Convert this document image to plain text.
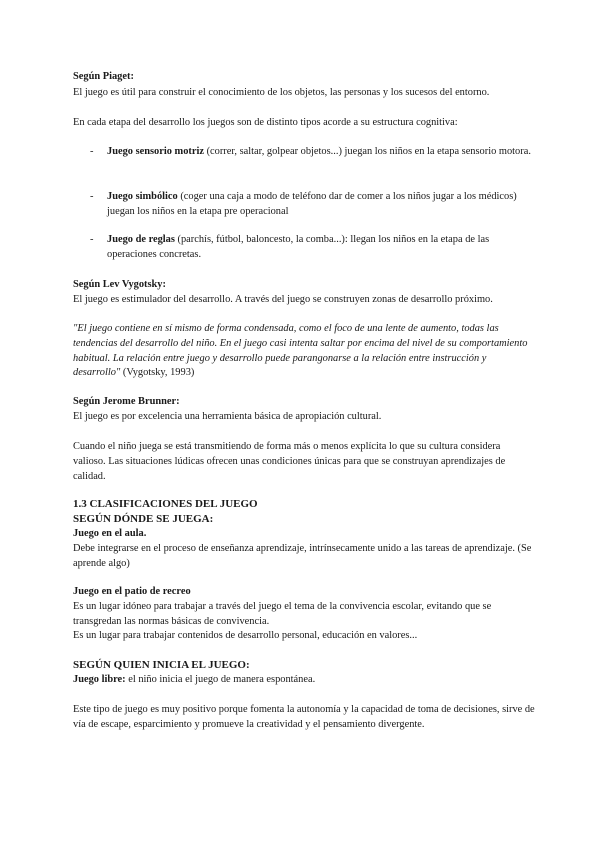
Según Piaget:

El juego es útil para construir el conocimiento de los objetos, las personas y los sucesos del entorno.

En cada etapa del desarrollo los juegos son de distinto tipos acorde a su estructura cognitiva:

- Juego sensorio motriz (correr, saltar, golpear objetos...) juegan los niños en la etapa sensorio motora.

- Juego simbólico (coger una caja a modo de teléfono dar de comer a los niños jugar a los médicos) juegan los niños en la etapa pre operacional

- Juego de reglas (parchís, fútbol, baloncesto, la comba...): llegan los niños en la etapa de las operaciones concretas.

Según Lev Vygotsky:

El juego es estimulador del desarrollo. A través del juego se construyen zonas de desarrollo próximo.

"El juego contiene en sí mismo de forma condensada, como el foco de una lente de aumento, todas las tendencias del desarrollo del niño. En el juego casi intenta saltar por encima del nivel de su comportamiento habitual. La relación entre juego y desarrollo puede parangonarse a la relación entre instrucción y desarrollo" (Vygotsky, 1993)

Según Jerome Brunner:

El juego es por excelencia una herramienta básica de apropiación cultural.

Cuando el niño juega se está transmitiendo de forma más o menos explícita lo que su cultura considera valioso. Las situaciones lúdicas ofrecen unas condiciones únicas para que se construyan aprendizajes de calidad.

1.3 CLASIFICACIONES DEL JUEGO

SEGÚN DÓNDE SE JUEGA:

Juego en el aula.

Debe integrarse en el proceso de enseñanza aprendizaje, intrínsecamente unido a las tareas de aprendizaje. (Se aprende algo)

Juego en el patio de recreo

Es un lugar idóneo para trabajar a través del juego el tema de la convivencia escolar, evitando que se transgredan las normas básicas de convivencia.

Es un lugar para trabajar contenidos de desarrollo personal, educación en valores...

SEGÚN QUIEN INICIA EL JUEGO:

Juego libre: el niño inicia el juego de manera espontánea.

Este tipo de juego es muy positivo porque fomenta la autonomía y la capacidad de toma de decisiones, sirve de vía de escape, esparcimiento y promueve la creatividad y el pensamiento divergente.
